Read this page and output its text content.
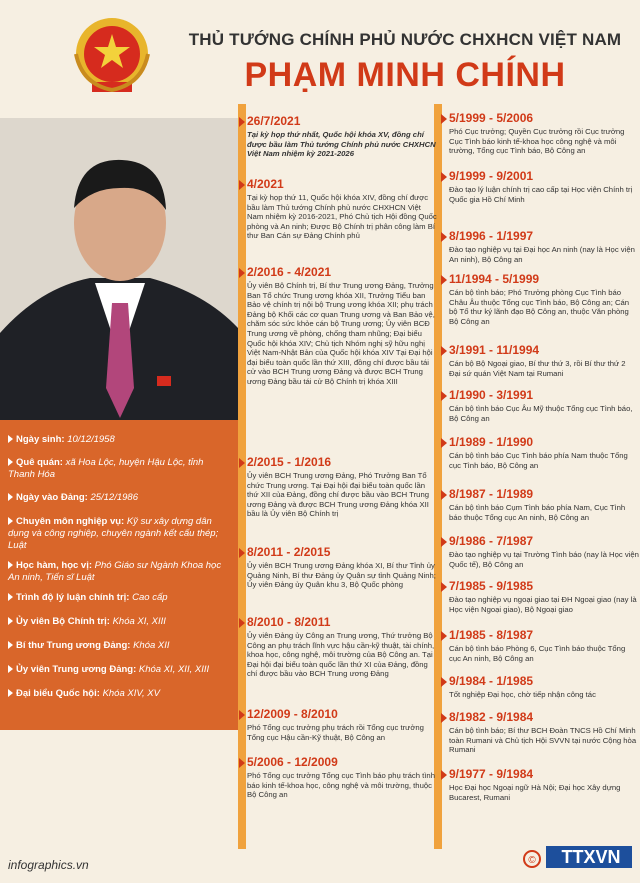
THỦ TƯỚNG CHÍNH PHỦ NƯỚC CHXHCN VIỆT NAM
PHẠM MINH CHÍNH
Ngày sinh: 10/12/1958
Quê quán: xã Hoa Lộc, huyện Hậu Lộc, tỉnh Thanh Hóa
Ngày vào Đảng: 25/12/1986
Chuyên môn nghiệp vụ: Kỹ sư xây dựng dân dụng và công nghiệp, chuyên ngành kết cấu thép; Luật
Học hàm, học vị: Phó Giáo sư Ngành Khoa học An ninh, Tiến sĩ Luật
Trình độ lý luận chính trị: Cao cấp
Ủy viên Bộ Chính trị: Khóa XI, XIII
Bí thư Trung ương Đảng: Khóa XII
Ủy viên Trung ương Đảng: Khóa XI, XII, XIII
Đại biểu Quốc hội: Khóa XIV, XV
26/7/2021
Tại kỳ họp thứ nhất, Quốc hội khóa XV, đồng chí được bầu làm Thủ tướng Chính phủ nước CHXHCN Việt Nam nhiệm kỳ 2021-2026
4/2021
Tại kỳ họp thứ 11, Quốc hội khóa XIV, đồng chí được bầu làm Thủ tướng Chính phủ nước CHXHCN Việt Nam nhiệm kỳ 2016-2021, Phó Chủ tịch Hội đồng Quốc phòng và An ninh; Được Bộ Chính trị phân công làm Bí thư Ban Cán sự Đảng Chính phủ
2/2016 - 4/2021
Ủy viên Bộ Chính trị, Bí thư Trung ương Đảng, Trưởng Ban Tổ chức Trung ương khóa XII, Trưởng Tiểu ban Bảo vệ chính trị nội bộ Trung ương khóa XII; phụ trách Đảng bộ Khối các cơ quan Trung ương và Ban Bảo vệ, chăm sóc sức khỏe cán bộ Trung ương; Ủy viên BCĐ Trung ương về phòng, chống tham nhũng; Đại biểu Quốc hội khóa XIV; Chủ tịch Nhóm nghị sỹ hữu nghị Việt Nam-Nhật Bản của Quốc hội khóa XIV Tại Đại hội đại biểu toàn quốc lần thứ XIII, đồng chí được bầu tái cử vào BCH Trung ương Đảng và được BCH Trung ương Đảng bầu tái cử Bộ Chính trị khóa XIII
2/2015 - 1/2016
Ủy viên BCH Trung ương Đảng, Phó Trưởng Ban Tổ chức Trung ương. Tại Đại hội đại biểu toàn quốc lần thứ XII của Đảng, đồng chí được bầu vào BCH Trung ương Đảng và được BCH Trung ương Đảng khóa XII bầu là Ủy viên Bộ Chính trị
8/2011 - 2/2015
Ủy viên BCH Trung ương Đảng khóa XI, Bí thư Tỉnh ủy Quảng Ninh, Bí thư Đảng ủy Quân sự tỉnh Quảng Ninh; Ủy viên Đảng ủy Quân khu 3, Bộ Quốc phòng
8/2010 - 8/2011
Ủy viên Đảng ủy Công an Trung ương, Thứ trưởng Bộ Công an phụ trách lĩnh vực hậu cần-kỹ thuật, tài chính, khoa học, công nghệ, môi trường của Bộ Công an. Tại Đại hội đại biểu toàn quốc lần thứ XI của Đảng, đồng chí được bầu vào BCH Trung ương Đảng
12/2009 - 8/2010
Phó Tổng cục trưởng phụ trách rồi Tổng cục trưởng Tổng cục Hậu cần-Kỹ thuật, Bộ Công an
5/2006 - 12/2009
Phó Tổng cục trưởng Tổng cục Tình báo phụ trách tình báo kinh tế-khoa học, công nghệ và môi trường, thuộc Bộ Công an
5/1999 - 5/2006
Phó Cục trưởng; Quyền Cục trưởng rồi Cục trưởng Cục Tình báo kinh tế-khoa học công nghệ và môi trường, Tổng cục Tình báo, Bộ Công an
9/1999 - 9/2001
Đào tạo lý luận chính trị cao cấp tại Học viện Chính trị Quốc gia Hồ Chí Minh
8/1996 - 1/1997
Đào tạo nghiệp vụ tại Đại học An ninh (nay là Học viện An ninh), Bộ Công an
11/1994 - 5/1999
Cán bộ tình báo; Phó Trưởng phòng Cục Tình báo Châu Âu thuộc Tổng cục Tình báo, Bộ Công an; Cán bộ Tổ thư ký lãnh đạo Bộ Công an, thuộc Văn phòng Bộ Công an
3/1991 - 11/1994
Cán bộ Bộ Ngoại giao, Bí thư thứ 3, rồi Bí thư thứ 2 Đại sứ quán Việt Nam tại Rumani
1/1990 - 3/1991
Cán bộ tình báo Cục Âu Mỹ thuộc Tổng cục Tình báo, Bộ Công an
1/1989 - 1/1990
Cán bộ tình báo Cục Tình báo phía Nam thuộc Tổng cục Tình báo, Bộ Công an
8/1987 - 1/1989
Cán bộ tình báo Cụm Tình báo phía Nam, Cục Tình báo thuộc Tổng cục An ninh, Bộ Công an
9/1986 - 7/1987
Đào tạo nghiệp vụ tại Trường Tình báo (nay là Học viện Quốc tế), Bộ Công an
7/1985 - 9/1985
Đào tạo nghiệp vụ ngoại giao tại ĐH Ngoại giao (nay là Học viện Ngoại giao), Bộ Ngoại giao
1/1985 - 8/1987
Cán bộ tình báo Phòng 6, Cục Tình báo thuộc Tổng cục An ninh, Bộ Công an
9/1984 - 1/1985
Tốt nghiệp Đại học, chờ tiếp nhận công tác
8/1982 - 9/1984
Cán bộ tình báo; Bí thư BCH Đoàn TNCS Hồ Chí Minh toàn Rumani và Chủ tịch Hội SVVN tại nước Cộng hòa Rumani
9/1977 - 9/1984
Học Đại học Ngoại ngữ Hà Nội; Đại học Xây dựng Bucarest, Rumani
infographics.vn	©	TTXVN
